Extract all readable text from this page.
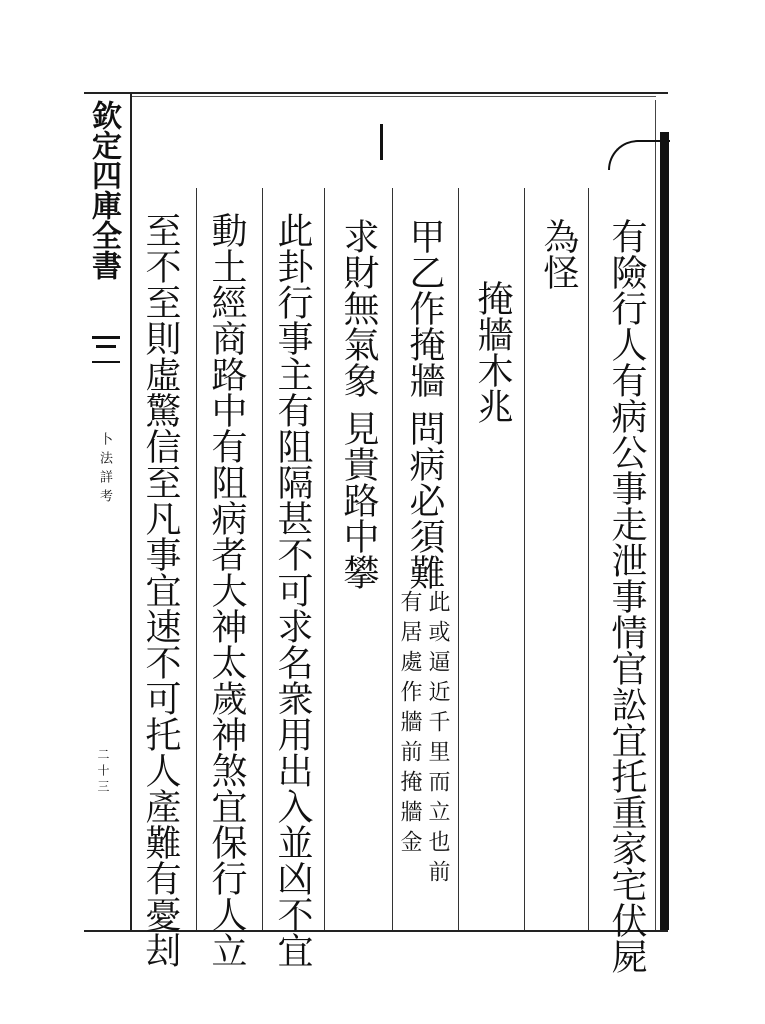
欽定四庫全書
卜法詳考
二十三	有險行人有病公事走泄事情官訟宜托重家宅伏屍
為怪
掩牆木兆
甲乙作掩牆
問病必須難
此或逼近千里而立也前
有居處作牆前掩牆金
求財無氣象
見貴路中攀
此卦行事主有阻隔甚不可求名衆用出入並凶不宜
動土經商路中有阻病者大神太歲神煞宜保行人立
至不至則虛驚信至凡事宜速不可托人產難有憂刦
